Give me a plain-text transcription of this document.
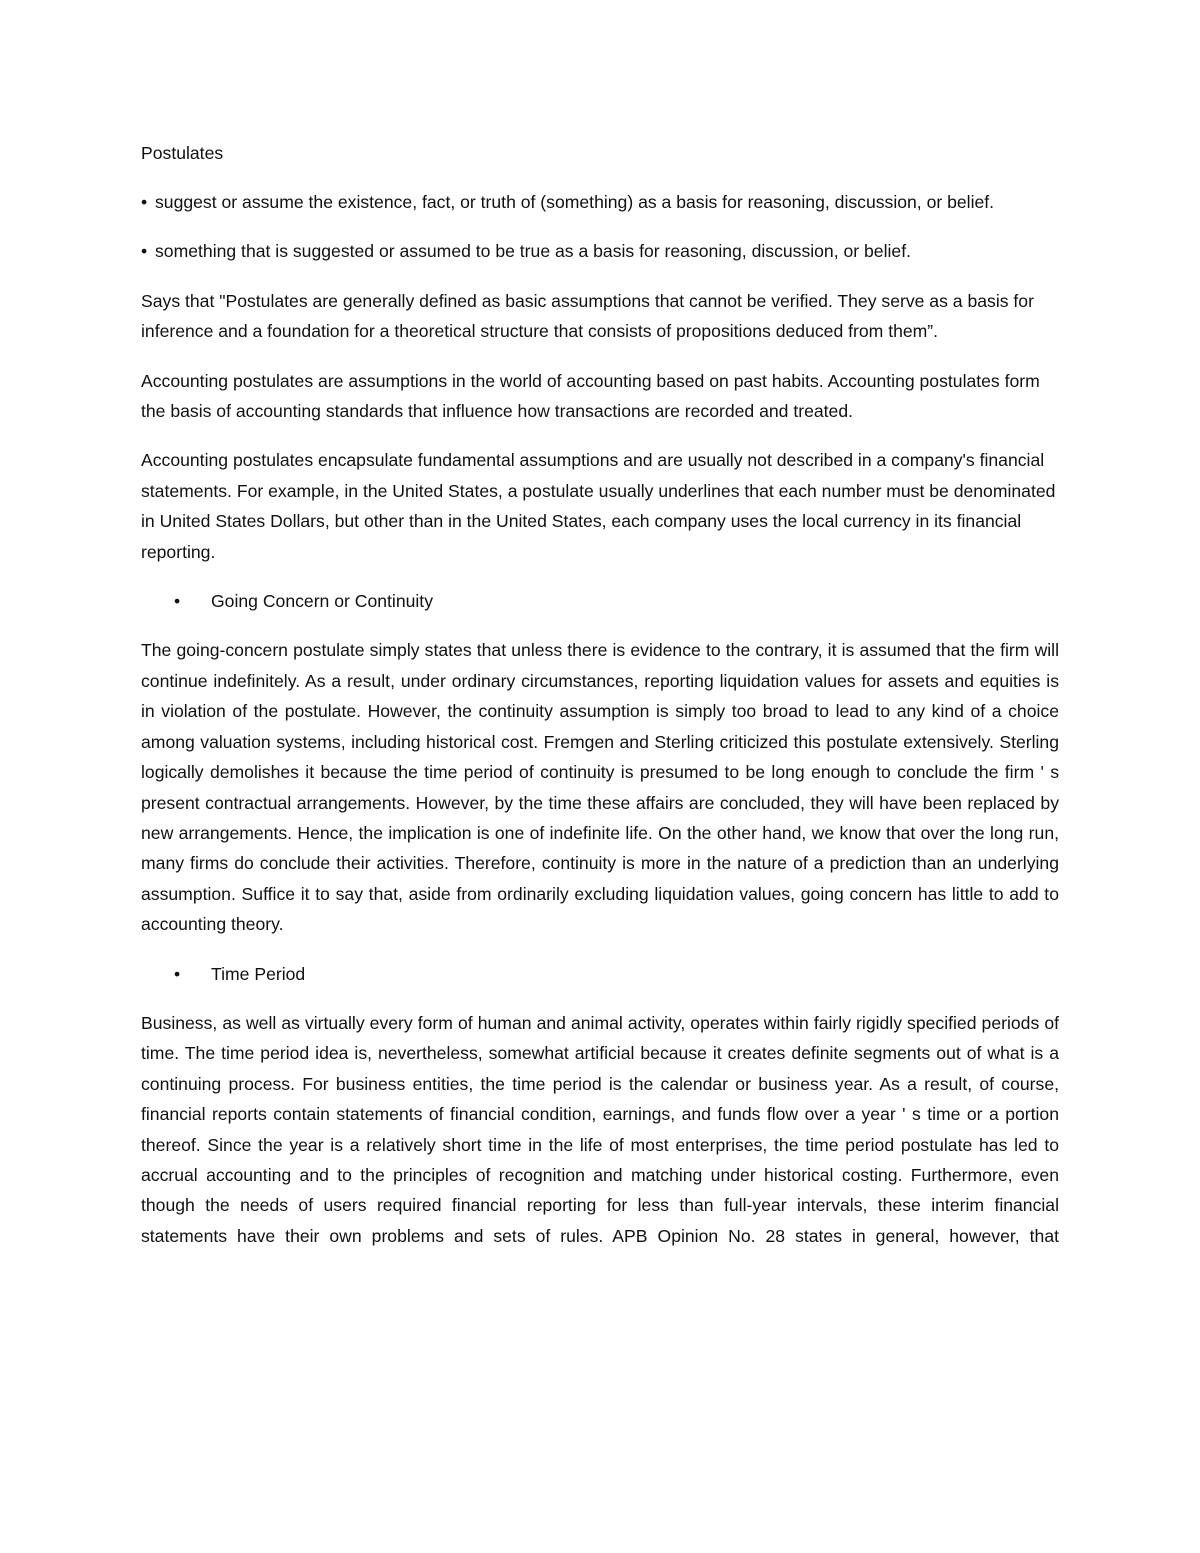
Postulates
• suggest or assume the existence, fact, or truth of (something) as a basis for reasoning, discussion, or belief.
• something that is suggested or assumed to be true as a basis for reasoning, discussion, or belief.

Says that "Postulates are generally defined as basic assumptions that cannot be verified. They serve as a basis for inference and a foundation for a theoretical structure that consists of propositions deduced from them”.

Accounting postulates are assumptions in the world of accounting based on past habits. Accounting postulates form the basis of accounting standards that influence how transactions are recorded and treated.

Accounting postulates encapsulate fundamental assumptions and are usually not described in a company's financial statements. For example, in the United States, a postulate usually underlines that each number must be denominated in United States Dollars, but other than in the United States, each company uses the local currency in its financial reporting.

• Going Concern or Continuity

The going-concern postulate simply states that unless there is evidence to the contrary, it is assumed that the firm will continue indefinitely. As a result, under ordinary circumstances, reporting liquidation values for assets and equities is in violation of the postulate. However, the continuity assumption is simply too broad to lead to any kind of a choice among valuation systems, including historical cost. Fremgen and Sterling criticized this postulate extensively. Sterling logically demolishes it because the time period of continuity is presumed to be long enough to conclude the firm ' s present contractual arrangements. However, by the time these affairs are concluded, they will have been replaced by new arrangements. Hence, the implication is one of indefinite life. On the other hand, we know that over the long run, many firms do conclude their activities. Therefore, continuity is more in the nature of a prediction than an underlying assumption. Suffice it to say that, aside from ordinarily excluding liquidation values, going concern has little to add to accounting theory.

• Time Period

Business, as well as virtually every form of human and animal activity, operates within fairly rigidly specified periods of time. The time period idea is, nevertheless, somewhat artificial because it creates definite segments out of what is a continuing process. For business entities, the time period is the calendar or business year. As a result, of course, financial reports contain statements of financial condition, earnings, and funds flow over a year ' s time or a portion thereof. Since the year is a relatively short time in the life of most enterprises, the time period postulate has led to accrual accounting and to the principles of recognition and matching under historical costing. Furthermore, even though the needs of users required financial reporting for less than full-year intervals, these interim financial statements have their own problems and sets of rules. APB Opinion No. 28 states in general, however, that
